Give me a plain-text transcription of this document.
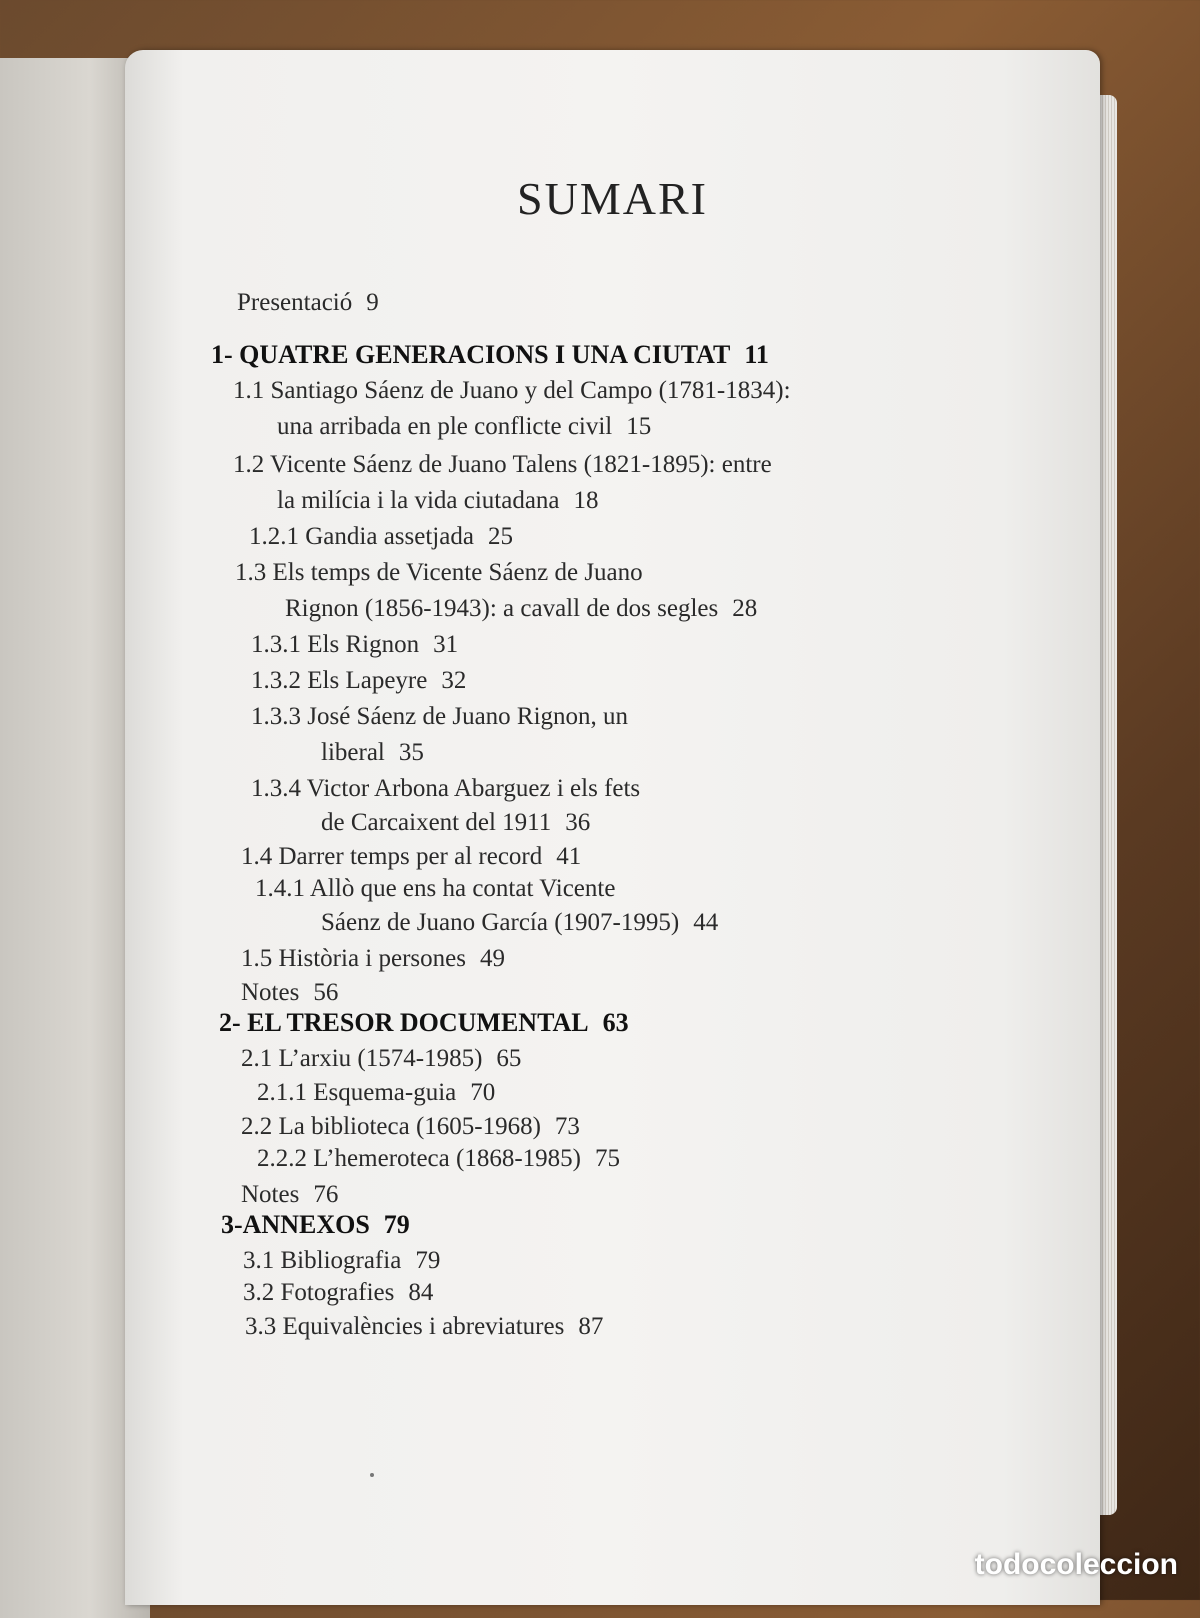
SUMARI
Presentació 9
1- QUATRE GENERACIONS I UNA CIUTAT 11
1.1 Santiago Sáenz de Juano y del Campo (1781-1834):
una arribada en ple conflicte civil 15
1.2 Vicente Sáenz de Juano Talens (1821-1895): entre
la milícia i la vida ciutadana 18
1.2.1 Gandia assetjada 25
1.3 Els temps de Vicente Sáenz de Juano
Rignon (1856-1943): a cavall de dos segles 28
1.3.1 Els Rignon 31
1.3.2 Els Lapeyre 32
1.3.3 José Sáenz de Juano Rignon, un
liberal 35
1.3.4 Victor Arbona Abarguez i els fets
de Carcaixent del 1911 36
1.4 Darrer temps per al record 41
1.4.1 Allò que ens ha contat Vicente
Sáenz de Juano García (1907-1995) 44
1.5 Història i persones 49
Notes 56
2- EL TRESOR DOCUMENTAL 63
2.1 L’arxiu (1574-1985) 65
2.1.1 Esquema-guia 70
2.2 La biblioteca (1605-1968) 73
2.2.2 L’hemeroteca (1868-1985) 75
Notes 76
3-ANNEXOS 79
3.1 Bibliografia 79
3.2 Fotografies 84
3.3 Equivalències i abreviatures 87
todocoleccion
